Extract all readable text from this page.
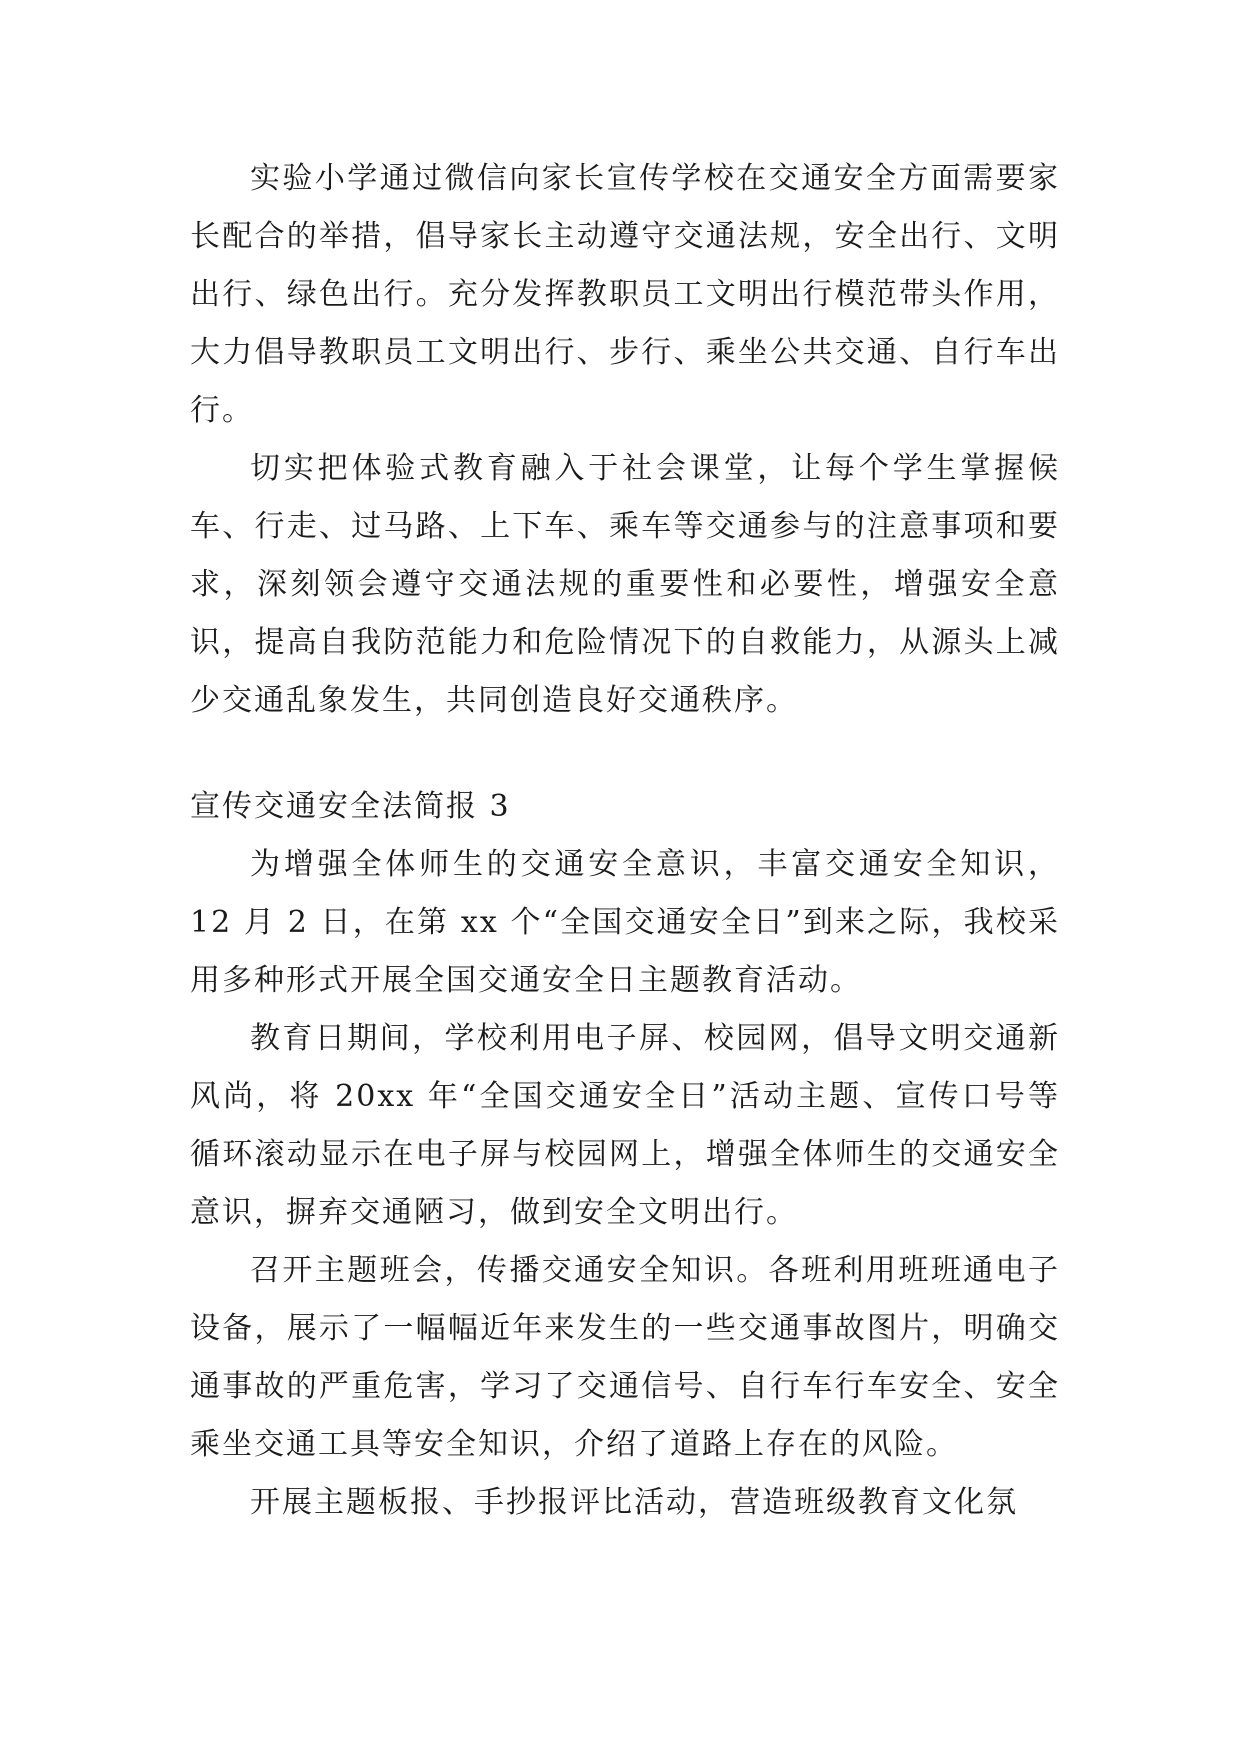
实验小学通过微信向家长宣传学校在交通安全方面需要家长配合的举措，倡导家长主动遵守交通法规，安全出行、文明出行、绿色出行。充分发挥教职员工文明出行模范带头作用，大力倡导教职员工文明出行、步行、乘坐公共交通、自行车出行。

切实把体验式教育融入于社会课堂，让每个学生掌握候车、行走、过马路、上下车、乘车等交通参与的注意事项和要求，深刻领会遵守交通法规的重要性和必要性，增强安全意识，提高自我防范能力和危险情况下的自救能力，从源头上减少交通乱象发生，共同创造良好交通秩序。

宣传交通安全法简报 3

为增强全体师生的交通安全意识，丰富交通安全知识，12 月 2 日，在第 xx 个“全国交通安全日”到来之际，我校采用多种形式开展全国交通安全日主题教育活动。

教育日期间，学校利用电子屏、校园网，倡导文明交通新风尚，将 20xx 年“全国交通安全日”活动主题、宣传口号等循环滚动显示在电子屏与校园网上，增强全体师生的交通安全意识，摒弃交通陋习，做到安全文明出行。

召开主题班会，传播交通安全知识。各班利用班班通电子设备，展示了一幅幅近年来发生的一些交通事故图片，明确交通事故的严重危害，学习了交通信号、自行车行车安全、安全乘坐交通工具等安全知识，介绍了道路上存在的风险。

开展主题板报、手抄报评比活动，营造班级教育文化氛
